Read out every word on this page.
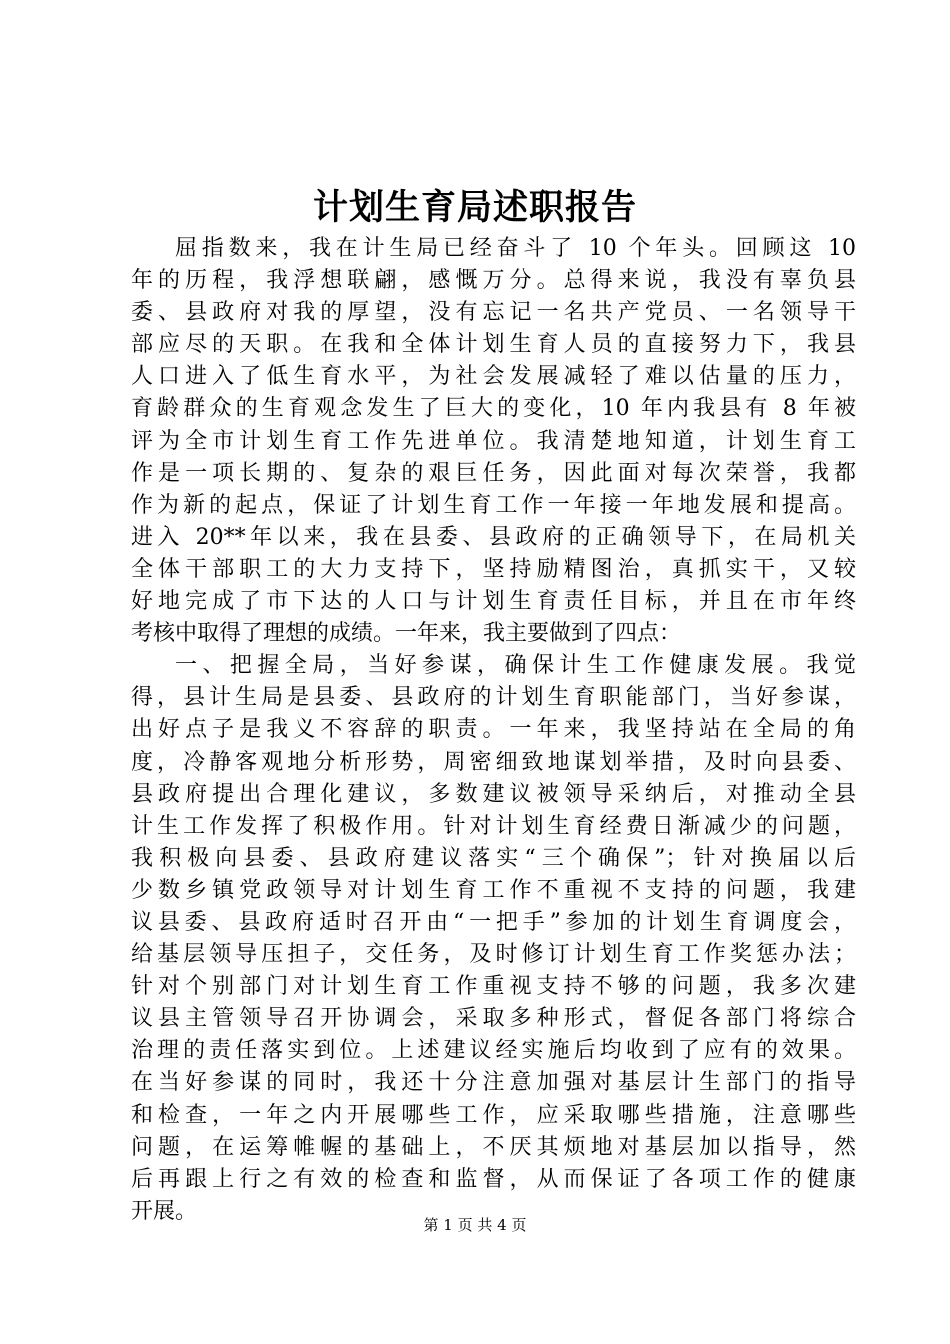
计划生育局述职报告
屈指数来，我在计生局已经奋斗了 10 个年头。回顾这 10
年的历程，我浮想联翩，感慨万分。总得来说，我没有辜负县
委、县政府对我的厚望，没有忘记一名共产党员、一名领导干
部应尽的天职。在我和全体计划生育人员的直接努力下，我县
人口进入了低生育水平，为社会发展减轻了难以估量的压力，
育龄群众的生育观念发生了巨大的变化，10 年内我县有 8 年被
评为全市计划生育工作先进单位。我清楚地知道，计划生育工
作是一项长期的、复杂的艰巨任务，因此面对每次荣誉，我都
作为新的起点，保证了计划生育工作一年接一年地发展和提高。
进入 20**年以来，我在县委、县政府的正确领导下，在局机关
全体干部职工的大力支持下，坚持励精图治，真抓实干，又较
好地完成了市下达的人口与计划生育责任目标，并且在市年终
考核中取得了理想的成绩。一年来，我主要做到了四点：
一、把握全局，当好参谋，确保计生工作健康发展。我觉
得，县计生局是县委、县政府的计划生育职能部门，当好参谋，
出好点子是我义不容辞的职责。一年来，我坚持站在全局的角
度，冷静客观地分析形势，周密细致地谋划举措，及时向县委、
县政府提出合理化建议，多数建议被领导采纳后，对推动全县
计生工作发挥了积极作用。针对计划生育经费日渐减少的问题，
我积极向县委、县政府建议落实“三个确保”；针对换届以后
少数乡镇党政领导对计划生育工作不重视不支持的问题，我建
议县委、县政府适时召开由“一把手”参加的计划生育调度会，
给基层领导压担子，交任务，及时修订计划生育工作奖惩办法；
针对个别部门对计划生育工作重视支持不够的问题，我多次建
议县主管领导召开协调会，采取多种形式，督促各部门将综合
治理的责任落实到位。上述建议经实施后均收到了应有的效果。
在当好参谋的同时，我还十分注意加强对基层计生部门的指导
和检查，一年之内开展哪些工作，应采取哪些措施，注意哪些
问题，在运筹帷幄的基础上，不厌其烦地对基层加以指导，然
后再跟上行之有效的检查和监督，从而保证了各项工作的健康
开展。
第 1 页 共 4 页
